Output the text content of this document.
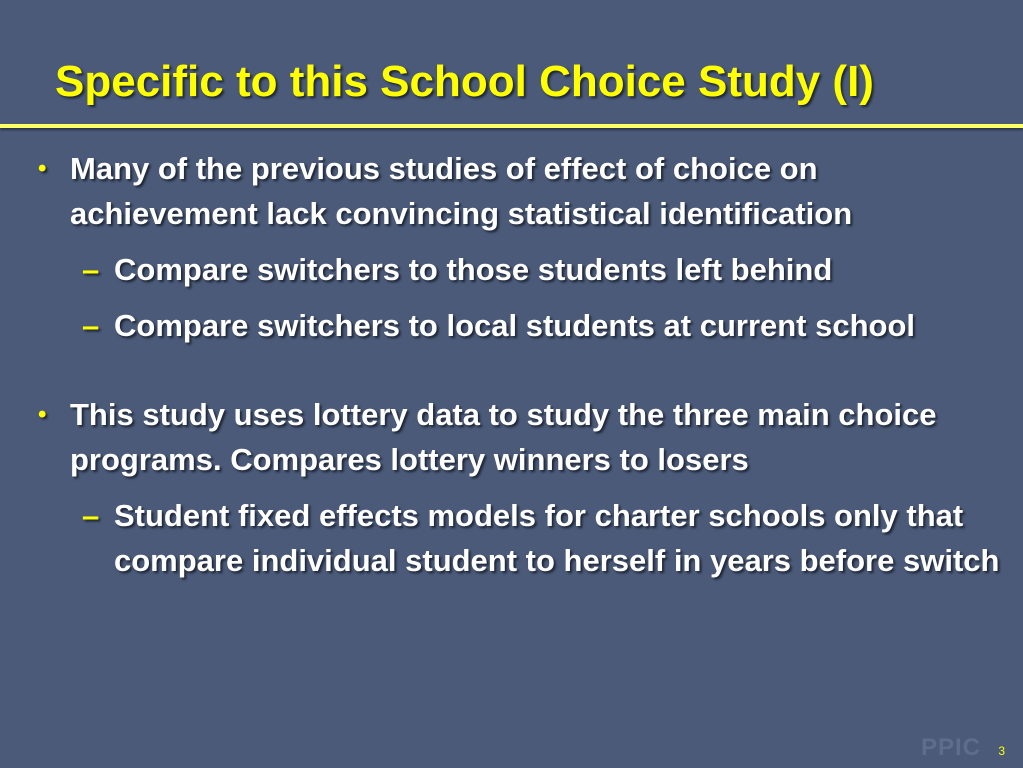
Specific to this School Choice Study (I)
• Many of the previous studies of effect of choice on achievement lack convincing statistical identification
– Compare switchers to those students left behind
– Compare switchers to local students at current school
• This study uses lottery data to study the three main choice programs. Compares lottery winners to losers
– Student fixed effects models for charter schools only that compare individual student to herself in years before switch
PPIC 3
